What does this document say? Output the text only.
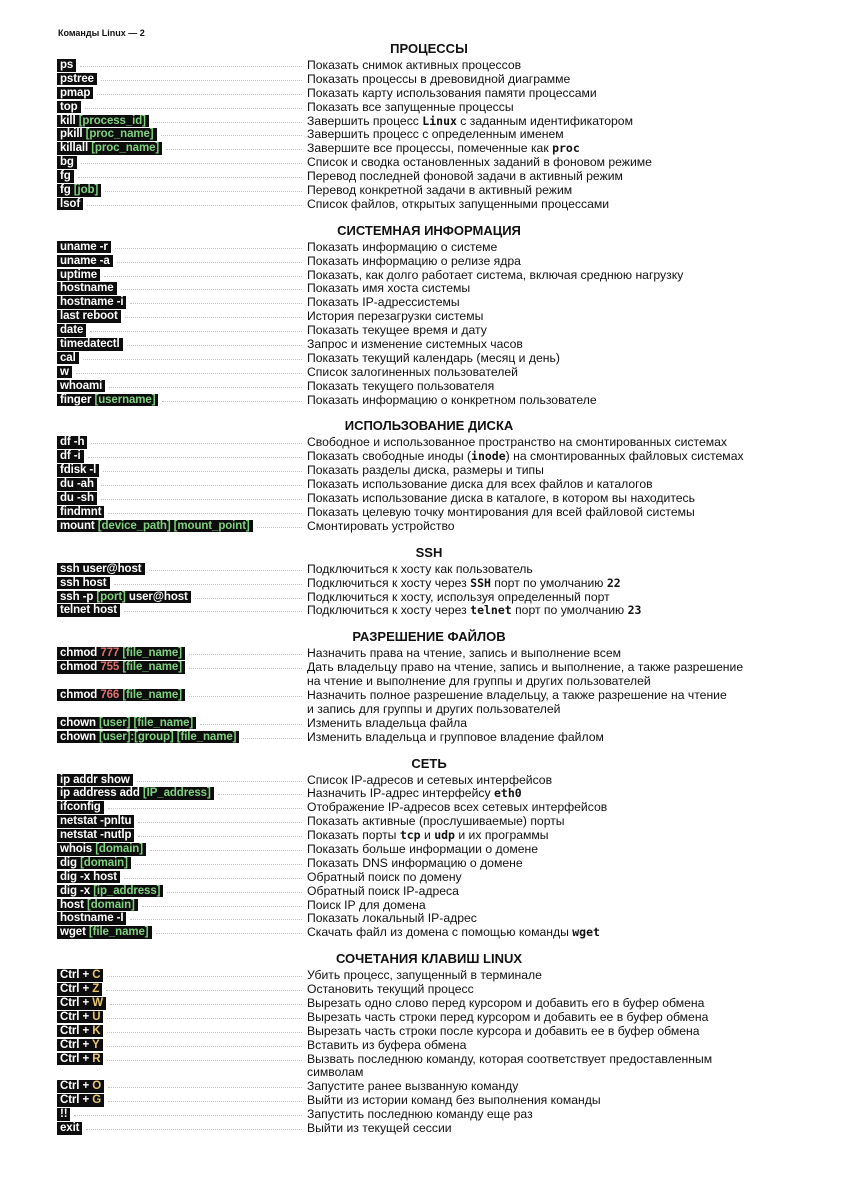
Команды Linux — 2
ПРОЦЕССЫ
ps	Показать снимок активных процессов
pstree	Показать процессы в древовидной диаграмме
pmap	Показать карту использования памяти процессами
top	Показать все запущенные процессы
kill [process_id]	Завершить процесс Linux с заданным идентификатором
pkill [proc_name]	Завершить процесс с определенным именем
killall [proc_name]	Завершите все процессы, помеченные как proc
bg	Список и сводка остановленных заданий в фоновом режиме
fg	Перевод последней фоновой задачи в активный режим
fg [job]	Перевод конкретной задачи в активный режим
lsof	Список файлов, открытых запущенными процессами
СИСТЕМНАЯ ИНФОРМАЦИЯ
uname -r	Показать информацию о системе
uname -a	Показать информацию о релизе ядра
uptime	Показать, как долго работает система, включая среднюю нагрузку
hostname	Показать имя хоста системы
hostname -i	Показать IP-адрессистемы
last reboot	История перезагрузки системы
date	Показать текущее время и дату
timedatectl	Запрос и изменение системных часов
cal	Показать текущий календарь (месяц и день)
w	Список залогиненных пользователей
whoami	Показать текущего пользователя
finger [username]	Показать информацию о конкретном пользователе
ИСПОЛЬЗОВАНИЕ ДИСКА
df -h	Свободное и использованное пространство на смонтированных системах
df -i	Показать свободные иноды (inode) на смонтированных файловых системах
fdisk -l	Показать разделы диска, размеры и типы
du -ah	Показать использование диска для всех файлов и каталогов
du -sh	Показать использование диска в каталоге, в котором вы находитесь
findmnt	Показать целевую точку монтирования для всей файловой системы
mount [device_path] [mount_point]	Смонтировать устройство
SSH
ssh user@host	Подключиться к хосту как пользователь
ssh host	Подключиться к хосту через SSH порт по умолчанию 22
ssh -p [port] user@host	Подключиться к хосту, используя определенный порт
telnet host	Подключиться к хосту через telnet порт по умолчанию 23
РАЗРЕШЕНИЕ ФАЙЛОВ
chmod 777 [file_name]	Назначить права на чтение, запись и выполнение всем
chmod 755 [file_name]	Дать владельцу право на чтение, запись и выполнение, а также разрешение
на чтение и выполнение для группы и других пользователей
chmod 766 [file_name]	Назначить полное разрешение владельцу, а также разрешение на чтение
и запись для группы и других пользователей
chown [user] [file_name]	Изменить владельца файла
chown [user]:[group] [file_name]	Изменить владельца и групповое владение файлом
СЕТЬ
ip addr show	Список IP-адресов и сетевых интерфейсов
ip address add [IP_address]	Назначить IP-адрес интерфейсу eth0
ifconfig	Отображение IP-адресов всех сетевых интерфейсов
netstat -pnltu	Показать активные (прослушиваемые) порты
netstat -nutlp	Показать порты tcp и udp и их программы
whois [domain]	Показать больше информации о домене
dig [domain]	Показать DNS информацию о домене
dig -x host	Обратный поиск по домену
dig -x [ip_address]	Обратный поиск IP-адреса
host [domain]	Поиск IP для домена
hostname -I	Показать локальный IP-адрес
wget [file_name]	Скачать файл из домена с помощью команды wget
СОЧЕТАНИЯ КЛАВИШ LINUX
Ctrl + C	Убить процесс, запущенный в терминале
Ctrl + Z	Остановить текущий процесс
Ctrl + W	Вырезать одно слово перед курсором и добавить его в буфер обмена
Ctrl + U	Вырезать часть строки перед курсором и добавить ее в буфер обмена
Ctrl + K	Вырезать часть строки после курсора и добавить ее в буфер обмена
Ctrl + Y	Вставить из буфера обмена
Ctrl + R	Вызвать последнюю команду, которая соответствует предоставленным
символам
Ctrl + O	Запустите ранее вызванную команду
Ctrl + G	Выйти из истории команд без выполнения команды
!!	Запустить последнюю команду еще раз
exit	Выйти из текущей сессии
